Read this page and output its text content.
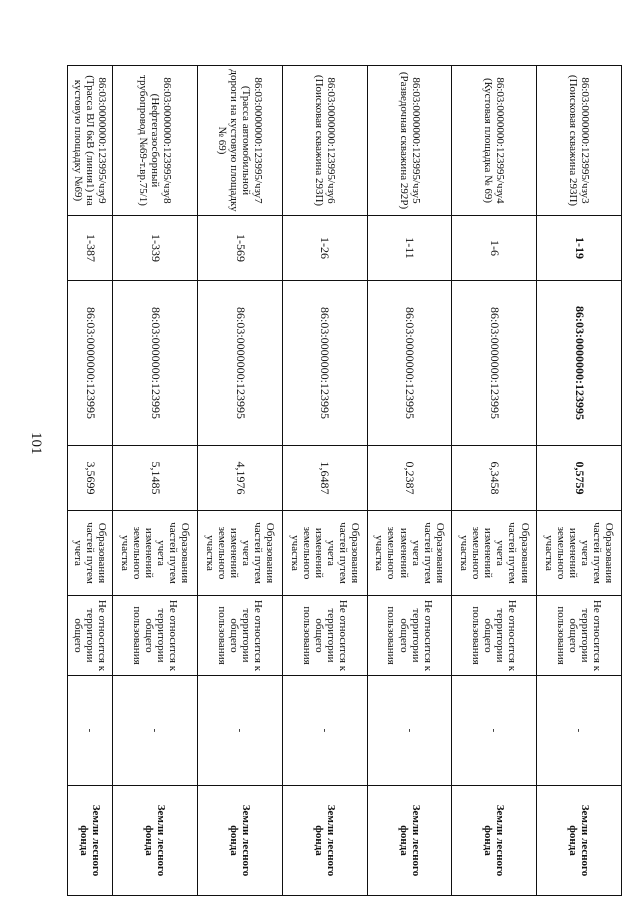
101
86:03:0000000:123995/чзу3 (Поисковая скважина 293П)	1-19	86:03:0000000:123995	0,5759	Образования частей путем учета изменений земельного участка	Не относится к территории общего пользования	-	Земли лесного фонда
86:03:0000000:123995/чзу4 (Кустовая площадка № 69)	1-6	86:03:0000000:123995	6,3458	Образования частей путем учета изменений земельного участка	Не относится к территории общего пользования	-	Земли лесного фонда
86:03:0000000:123995/чзу5 (Разведочная скважина 292Р)	1-11	86:03:0000000:123995	0,2387	Образования частей путем учета изменений земельного участка	Не относится к территории общего пользования	-	Земли лесного фонда
86:03:0000000:123995/чзу6 (Поисковая скважина 293П)	1-26	86:03:0000000:123995	1,6487	Образования частей путем учета изменений земельного участка	Не относится к территории общего пользования	-	Земли лесного фонда
86:03:0000000:123995/чзу7 (Трасса автомобильной дороги на кустовую площадку № 69)	1-569	86:03:0000000:123995	4,1976	Образования частей путем учета изменений земельного участка	Не относится к территории общего пользования	-	Земли лесного фонда
86:03:0000000:123995/чзу8 (Нефтегазосборный трубопровод №69-т.вр.75/1)	1-339	86:03:0000000:123995	5,1485	Образования частей путем учета изменений земельного участка	Не относится к территории общего пользования	-	Земли лесного фонда
86:03:0000000:123995/чзу9 (Трасса ВЛ 6кВ (линия1) на кустовую площадку №69)	1-387	86:03:0000000:123995	3,5699	Образования частей путем учета	Не относится к территории общего	-	Земли лесного фонда
